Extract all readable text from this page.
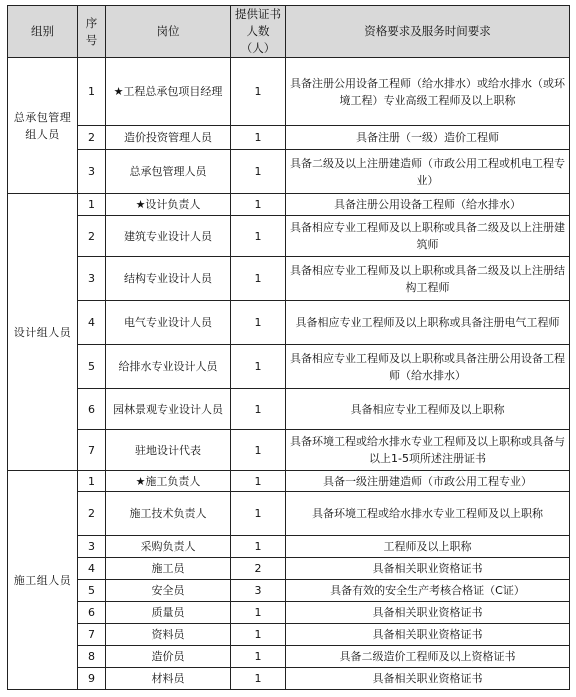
组别	序号	岗位	提供证书人数（人）	资格要求及服务时间要求
总承包管理组人员	1	★工程总承包项目经理	1	具备注册公用设备工程师（给水排水）或给水排水（或环境工程）专业高级工程师及以上职称
	2	造价投资管理人员	1	具备注册（一级）造价工程师
	3	总承包管理人员	1	具备二级及以上注册建造师（市政公用工程或机电工程专业）
设计组人员	1	★设计负责人	1	具备注册公用设备工程师（给水排水）
	2	建筑专业设计人员	1	具备相应专业工程师及以上职称或具备二级及以上注册建筑师
	3	结构专业设计人员	1	具备相应专业工程师及以上职称或具备二级及以上注册结构工程师
	4	电气专业设计人员	1	具备相应专业工程师及以上职称或具备注册电气工程师
	5	给排水专业设计人员	1	具备相应专业工程师及以上职称或具备注册公用设备工程师（给水排水）
	6	园林景观专业设计人员	1	具备相应专业工程师及以上职称
	7	驻地设计代表	1	具备环境工程或给水排水专业工程师及以上职称或具备与以上1-5项所述注册证书
施工组人员	1	★施工负责人	1	具备一级注册建造师（市政公用工程专业）
	2	施工技术负责人	1	具备环境工程或给水排水专业工程师及以上职称
	3	采购负责人	1	工程师及以上职称
	4	施工员	2	具备相关职业资格证书
	5	安全员	3	具备有效的安全生产考核合格证（C证）
	6	质量员	1	具备相关职业资格证书
	7	资料员	1	具备相关职业资格证书
	8	造价员	1	具备二级造价工程师及以上资格证书
	9	材料员	1	具备相关职业资格证书
